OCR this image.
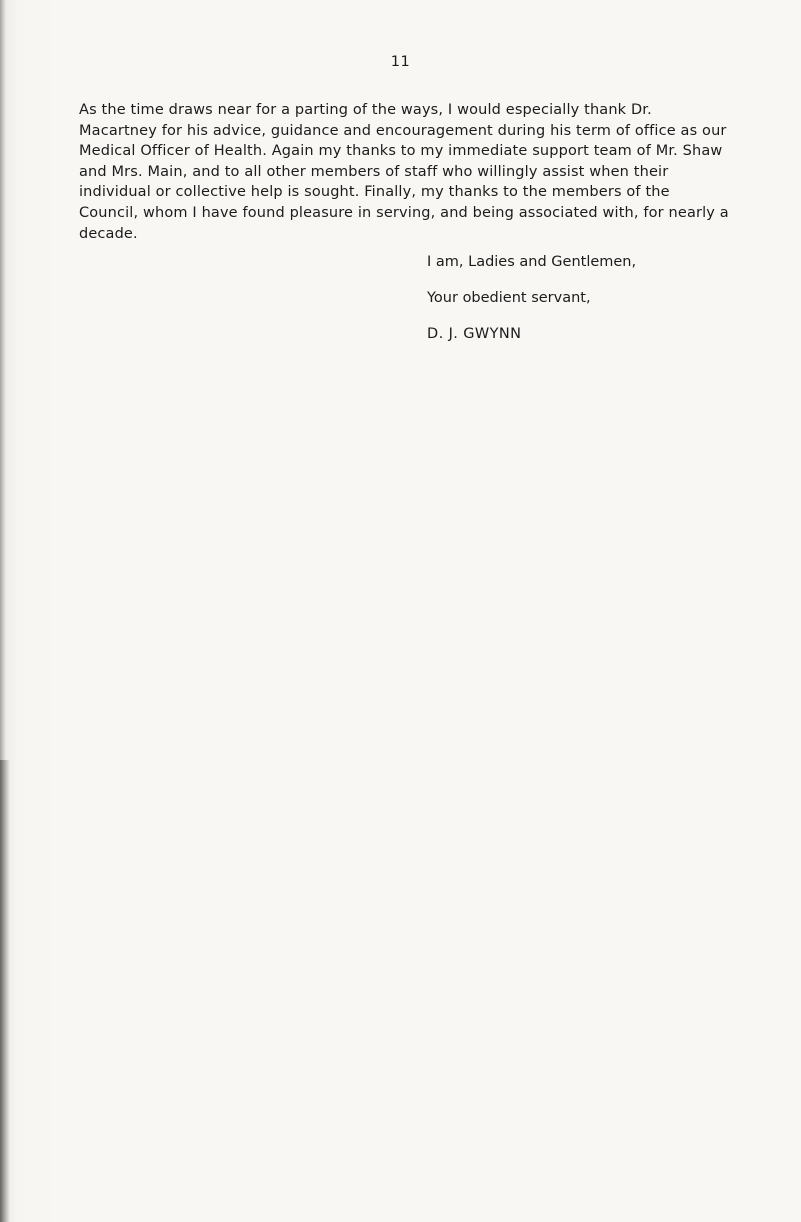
11

As the time draws near for a parting of the ways, I would especially thank Dr. Macartney for his advice, guidance and encouragement during his term of office as our Medical Officer of Health. Again my thanks to my immediate support team of Mr. Shaw and Mrs. Main, and to all other members of staff who willingly assist when their individual or collective help is sought. Finally, my thanks to the members of the Council, whom I have found pleasure in serving, and being associated with, for nearly a decade.

I am, Ladies and Gentlemen,

Your obedient servant,

D. J. GWYNN
